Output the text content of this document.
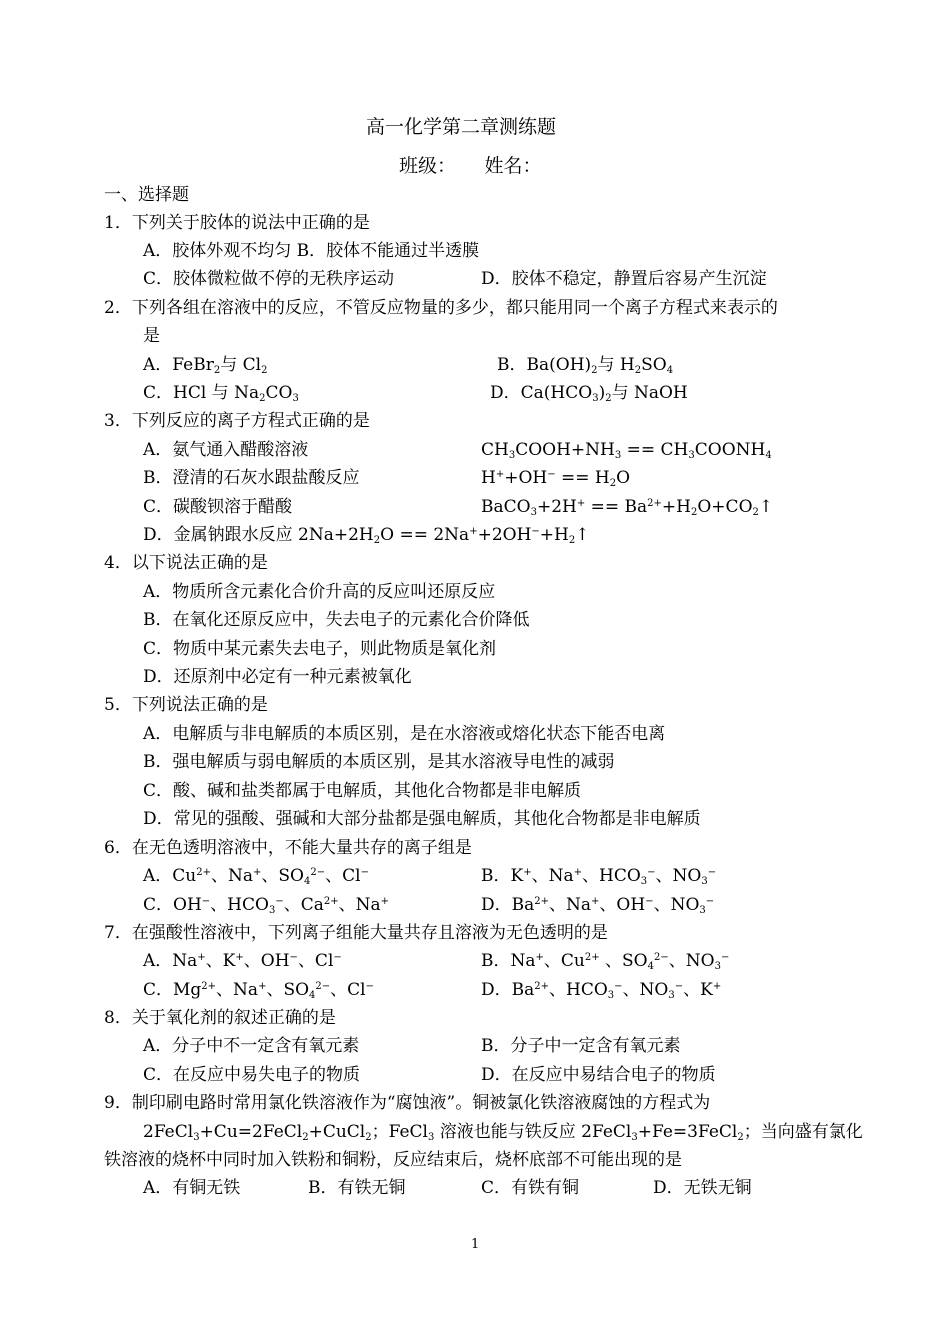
高一化学第二章测练题
班级：　　姓名：
一、选择题
1．下列关于胶体的说法中正确的是
A．胶体外观不均匀 B．胶体不能通过半透膜
C．胶体微粒做不停的无秩序运动	D．胶体不稳定，静置后容易产生沉淀
2．下列各组在溶液中的反应，不管反应物量的多少，都只能用同一个离子方程式来表示的
是
A．FeBr$_2$与 $Cl_2$	B．$Ba(OH)_2$与 $H_2SO_4$
C．HCl 与 $Na_2CO_3$	D．$Ca(HCO_3)_2$与 NaOH
3．下列反应的离子方程式正确的是
A．氨气通入醋酸溶液	$CH_3COOH+NH_3$ == $CH_3COONH_4$
B．澄清的石灰水跟盐酸反应	$H^++OH^- == H_2O$
C．碳酸钡溶于醋酸	BaCO$_3$+2H+ == $Ba^{2+}+H_2O+CO_2↑$
D．金属钠跟水反应 $2Na+2H_2O$ == $2Na^++2OH^-+H_2↑$
4．以下说法正确的是
A．物质所含元素化合价升高的反应叫还原反应
B．在氧化还原反应中，失去电子的元素化合价降低
C．物质中某元素失去电子，则此物质是氧化剂
D．还原剂中必定有一种元素被氧化
5．下列说法正确的是
A．电解质与非电解质的本质区别，是在水溶液或熔化状态下能否电离
B．强电解质与弱电解质的本质区别，是其水溶液导电性的减弱
C．酸、碱和盐类都属于电解质，其他化合物都是非电解质
D．常见的强酸、强碱和大部分盐都是强电解质，其他化合物都是非电解质
6．在无色透明溶液中，不能大量共存的离子组是
A．$Cu^{2+}$、Na+、$SO_4^{2-}$、Cl−	B．K+、Na+、$HCO_3^-$、$NO_3^-$
C．OH−、$HCO_3^-$、$Ca^{2+}$、Na+	D．$Ba^{2+}$、Na+、OH−、$NO_3^-$
7．在强酸性溶液中，下列离子组能大量共存且溶液为无色透明的是
A．Na+、K+、OH−、Cl−	B．Na+、$Cu^{2+}$ 、$SO_4^{2-}$、$NO_3^-$
C．$Mg^{2+}$、Na+、$SO_4^{2-}$、Cl−	D．$Ba^{2+}$、$HCO_3^-$、$NO_3^-$、K+
8．关于氧化剂的叙述正确的是
A．分子中不一定含有氧元素	B．分子中一定含有氧元素
C．在反应中易失电子的物质	D．在反应中易结合电子的物质
9．制印刷电路时常用氯化铁溶液作为“腐蚀液”。铜被氯化铁溶液腐蚀的方程式为
2FeCl$_3$+Cu=2FeCl$_2$+CuCl$_2$；FeCl$_3$ 溶液也能与铁反应 2FeCl$_3$+Fe=3FeCl$_2$；当向盛有氯化
铁溶液的烧杯中同时加入铁粉和铜粉，反应结束后，烧杯底部不可能出现的是
A．有铜无铁	B．有铁无铜	C．有铁有铜	D．无铁无铜
1
